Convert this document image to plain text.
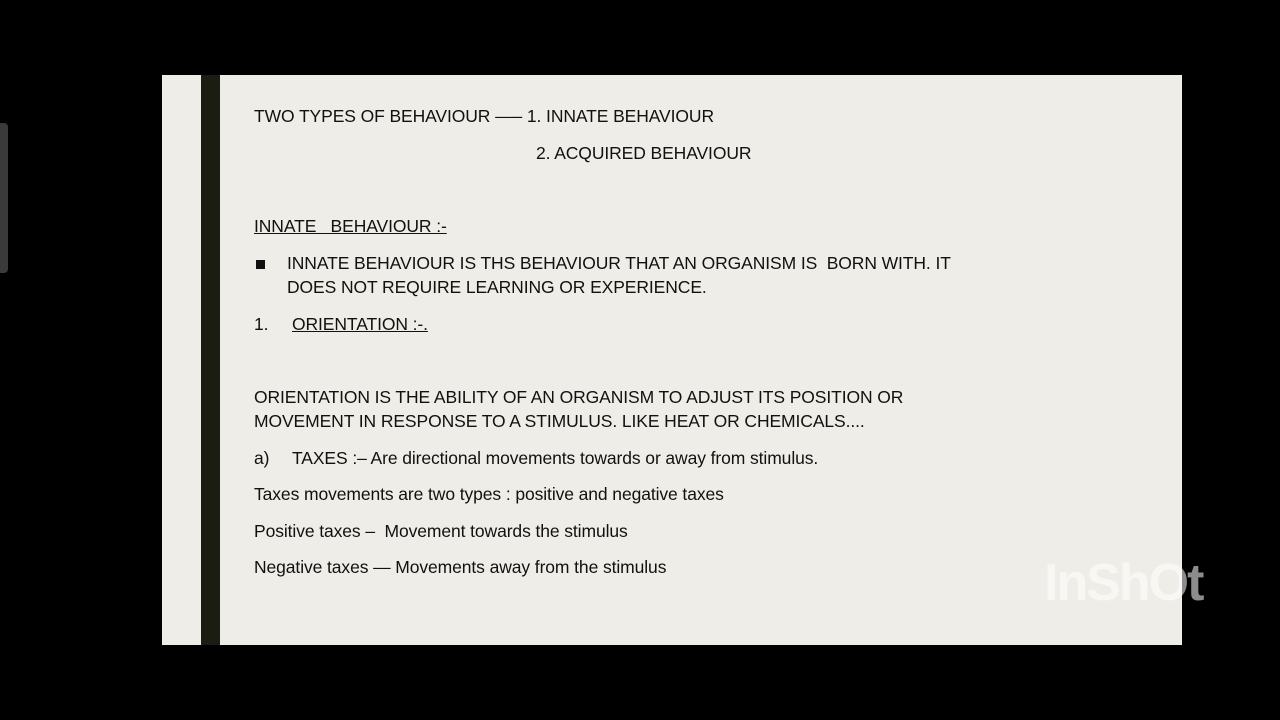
TWO TYPES OF BEHAVIOUR —– 1. INNATE BEHAVIOUR
2. ACQUIRED BEHAVIOUR
INNATE   BEHAVIOUR :-
INNATE BEHAVIOUR IS THS BEHAVIOUR THAT AN ORGANISM IS  BORN WITH. IT
DOES NOT REQUIRE LEARNING OR EXPERIENCE.
1. ORIENTATION :-.
ORIENTATION IS THE ABILITY OF AN ORGANISM TO ADJUST ITS POSITION OR
MOVEMENT IN RESPONSE TO A STIMULUS. LIKE HEAT OR CHEMICALS....
a) TAXES :– Are directional movements towards or away from stimulus.
Taxes movements are two types : positive and negative taxes
Positive taxes –  Movement towards the stimulus
Negative taxes — Movements away from the stimulus	InShOt
